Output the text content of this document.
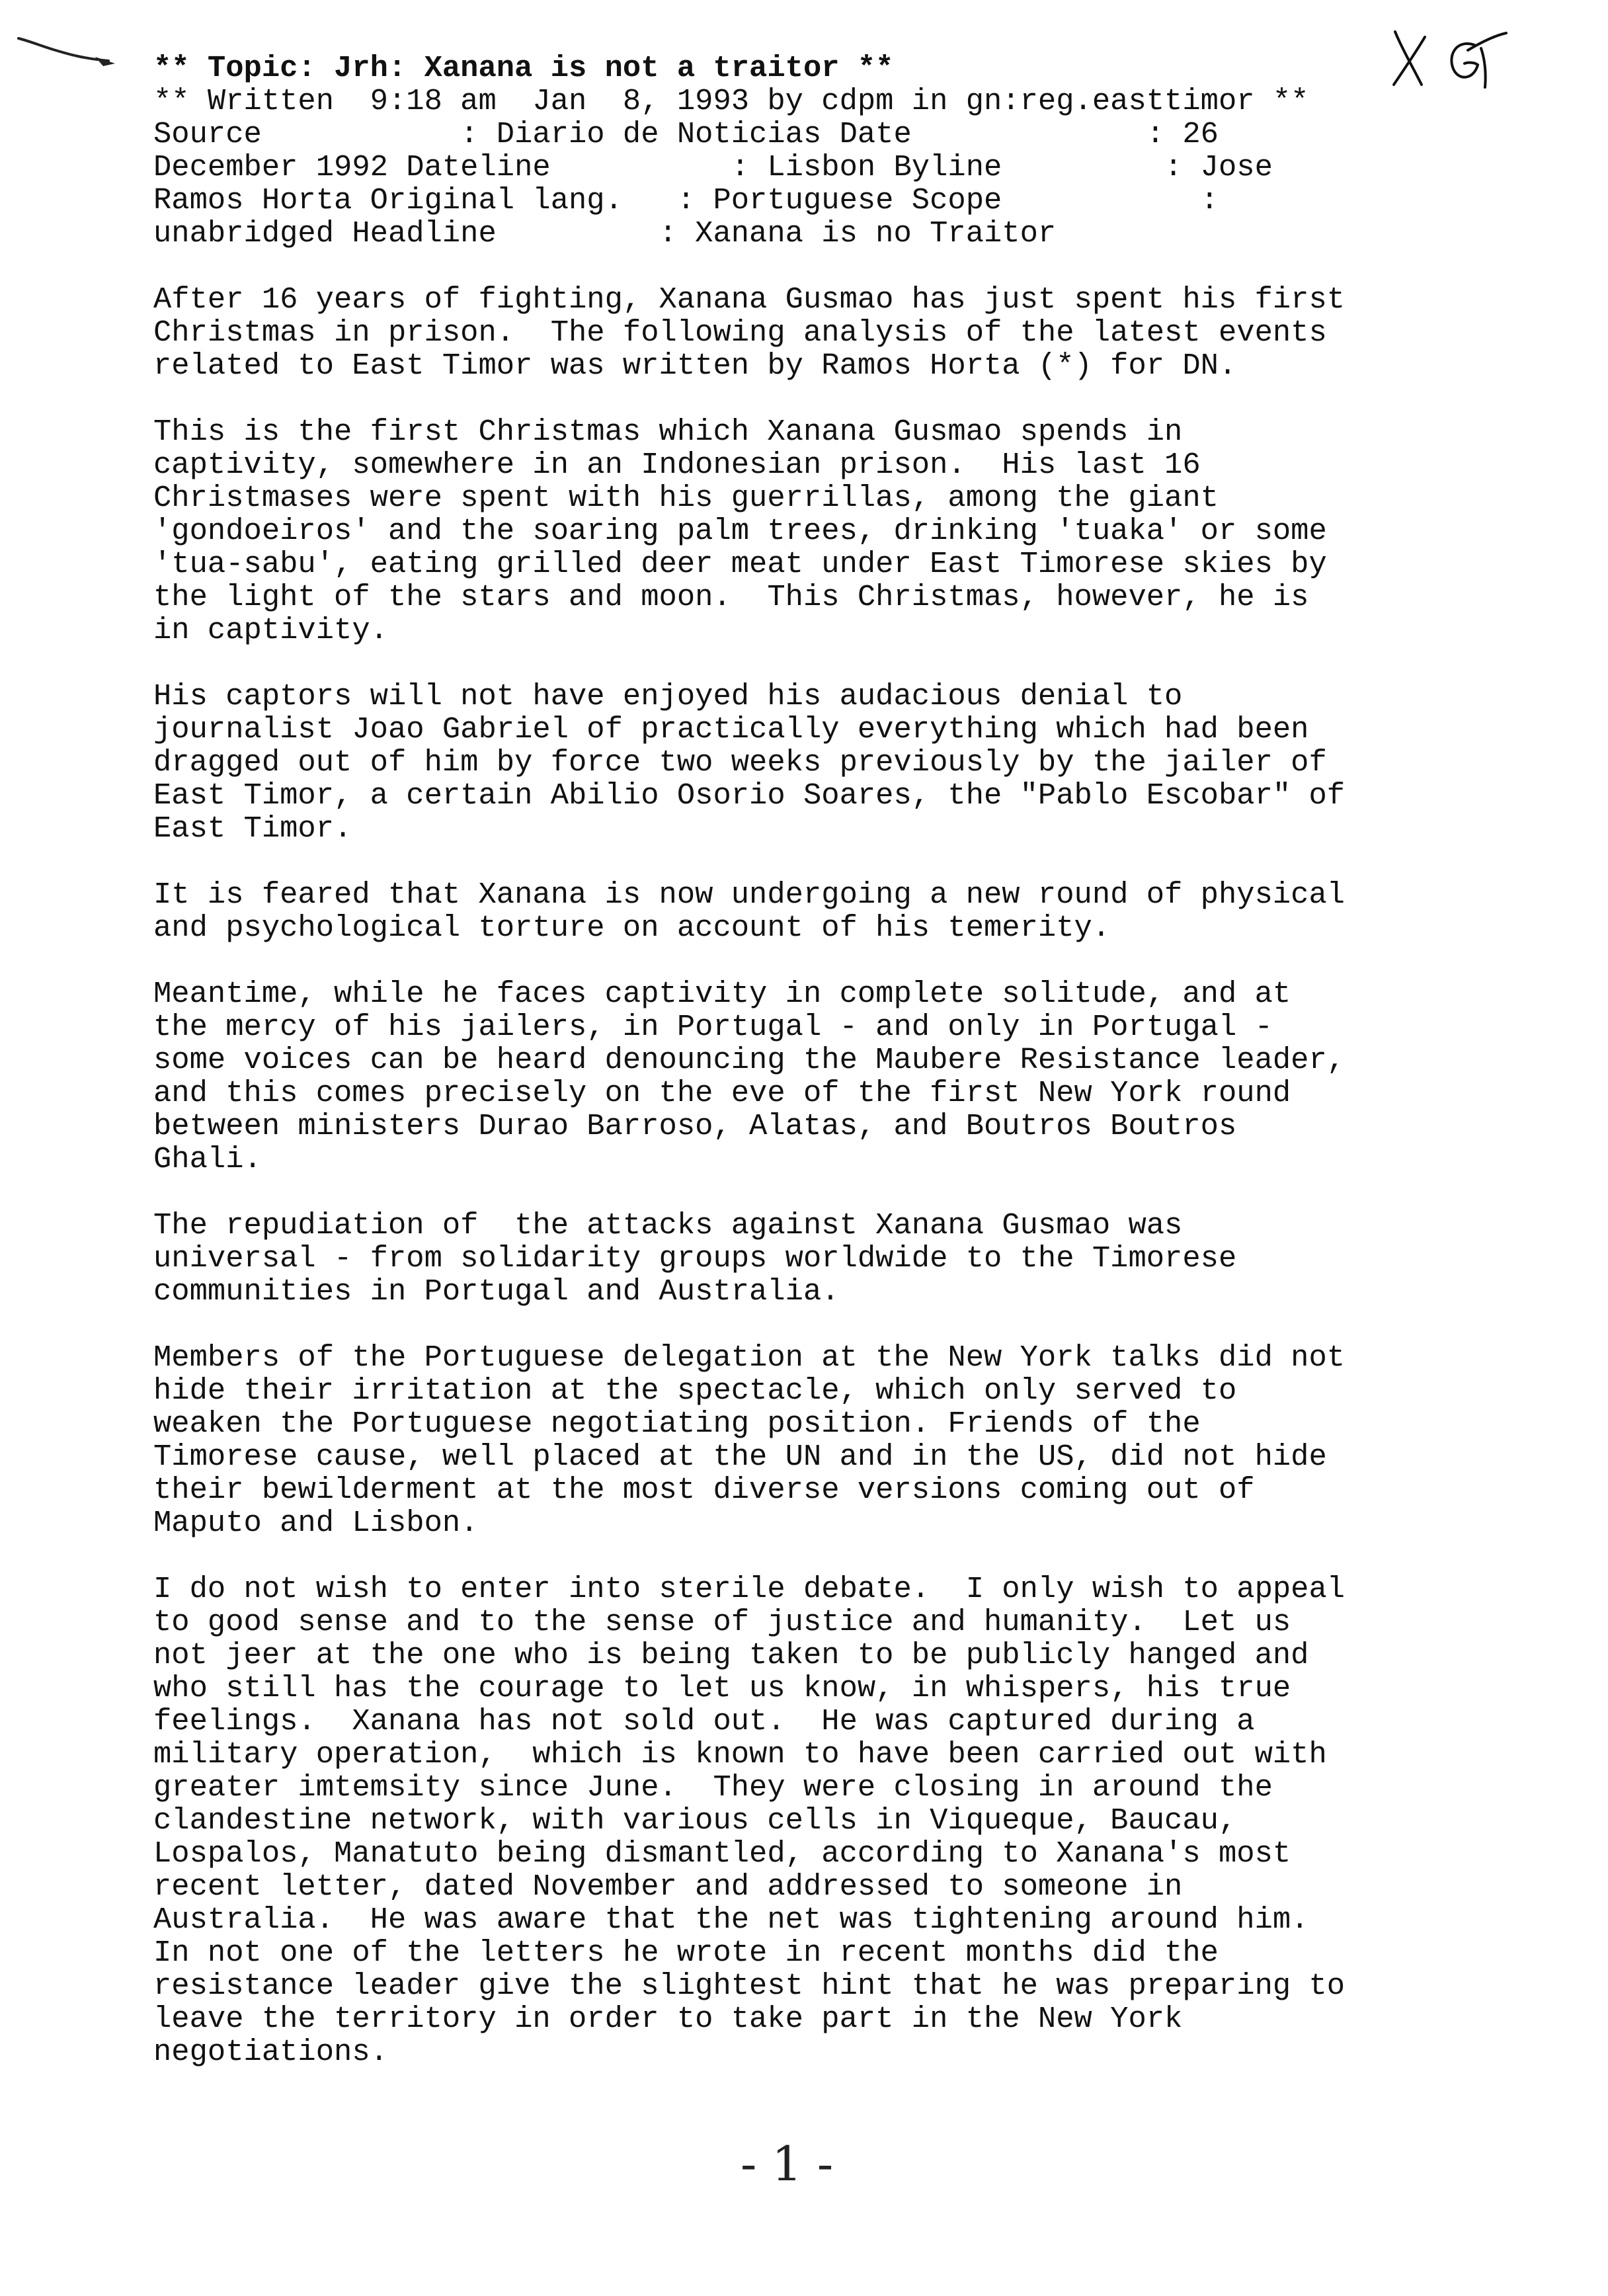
** Topic: Jrh: Xanana is not a traitor **
** Written  9:18 am  Jan  8, 1993 by cdpm in gn:reg.easttimor **
Source           : Diario de Noticias Date             : 26
December 1992 Dateline          : Lisbon Byline         : Jose
Ramos Horta Original lang.   : Portuguese Scope           :
unabridged Headline         : Xanana is no Traitor
After 16 years of fighting, Xanana Gusmao has just spent his first
Christmas in prison.  The following analysis of the latest events
related to East Timor was written by Ramos Horta (*) for DN.
This is the first Christmas which Xanana Gusmao spends in
captivity, somewhere in an Indonesian prison.  His last 16
Christmases were spent with his guerrillas, among the giant
'gondoeiros' and the soaring palm trees, drinking 'tuaka' or some
'tua-sabu', eating grilled deer meat under East Timorese skies by
the light of the stars and moon.  This Christmas, however, he is
in captivity.
His captors will not have enjoyed his audacious denial to
journalist Joao Gabriel of practically everything which had been
dragged out of him by force two weeks previously by the jailer of
East Timor, a certain Abilio Osorio Soares, the "Pablo Escobar" of
East Timor.
It is feared that Xanana is now undergoing a new round of physical
and psychological torture on account of his temerity.
Meantime, while he faces captivity in complete solitude, and at
the mercy of his jailers, in Portugal - and only in Portugal -
some voices can be heard denouncing the Maubere Resistance leader,
and this comes precisely on the eve of the first New York round
between ministers Durao Barroso, Alatas, and Boutros Boutros
Ghali.
The repudiation of  the attacks against Xanana Gusmao was
universal - from solidarity groups worldwide to the Timorese
communities in Portugal and Australia.
Members of the Portuguese delegation at the New York talks did not
hide their irritation at the spectacle, which only served to
weaken the Portuguese negotiating position. Friends of the
Timorese cause, well placed at the UN and in the US, did not hide
their bewilderment at the most diverse versions coming out of
Maputo and Lisbon.
I do not wish to enter into sterile debate.  I only wish to appeal
to good sense and to the sense of justice and humanity.  Let us
not jeer at the one who is being taken to be publicly hanged and
who still has the courage to let us know, in whispers, his true
feelings.  Xanana has not sold out.  He was captured during a
military operation,  which is known to have been carried out with
greater imtemsity since June.  They were closing in around the
clandestine network, with various cells in Viqueque, Baucau,
Lospalos, Manatuto being dismantled, according to Xanana's most
recent letter, dated November and addressed to someone in
Australia.  He was aware that the net was tightening around him.
In not one of the letters he wrote in recent months did the
resistance leader give the slightest hint that he was preparing to
leave the territory in order to take part in the New York
negotiations.
- 1 -
